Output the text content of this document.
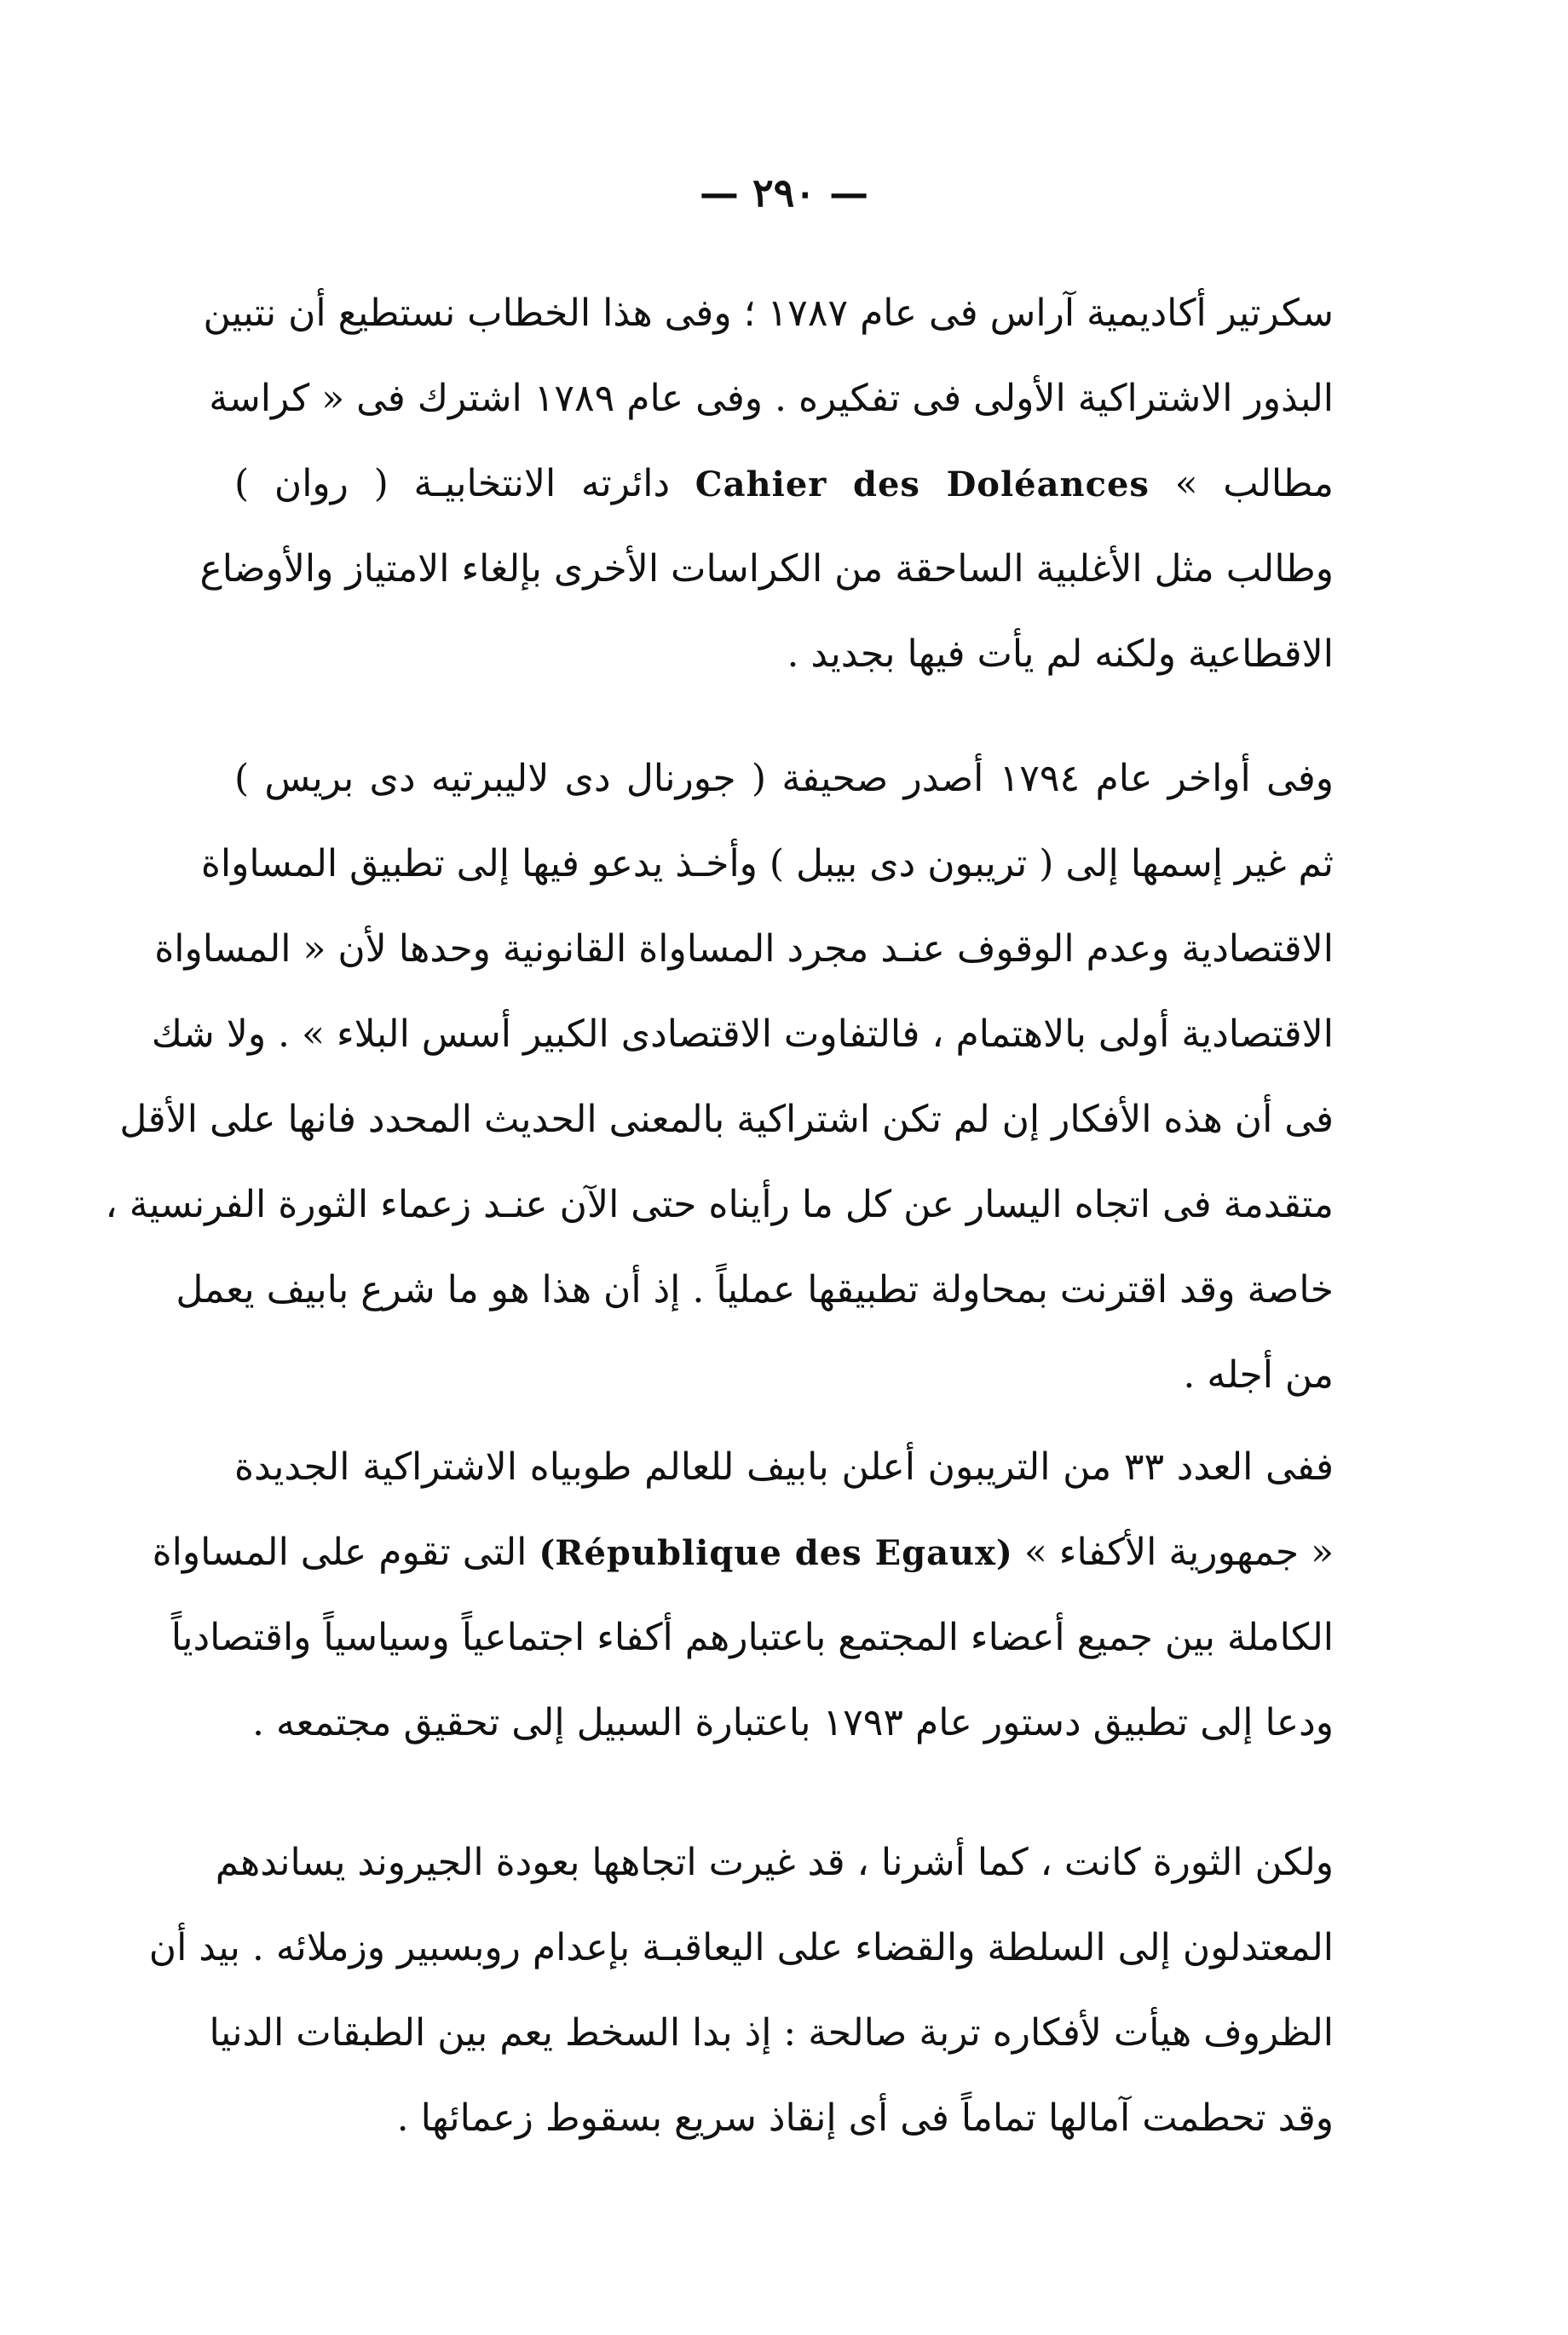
— ٢٩٠ —
سكرتير أكاديمية آراس فى عام ١٧٨٧ ؛ وفى هذا الخطاب نستطيع أن نتبين
البذور الاشتراكية الأولى فى تفكيره . وفى عام ١٧٨٩ اشترك فى « كراسة
مطالب » Cahier des Doléances دائرته الانتخابيـة ( روان )
وطالب مثل الأغلبية الساحقة من الكراسات الأخرى بإلغاء الامتياز والأوضاع
الاقطاعية ولكنه لم يأت فيها بجديد .
وفى أواخر عام ١٧٩٤ أصدر صحيفة ( جورنال دى لاليبرتيه دى بريس )
ثم غير إسمها إلى ( تريبون دى بيبل ) وأخـذ يدعو فيها إلى تطبيق المساواة
الاقتصادية وعدم الوقوف عنـد مجرد المساواة القانونية وحدها لأن « المساواة
الاقتصادية أولى بالاهتمام ، فالتفاوت الاقتصادى الكبير أسس البلاء » . ولا شك
فى أن هذه الأفكار إن لم تكن اشتراكية بالمعنى الحديث المحدد فانها على الأقل
متقدمة فى اتجاه اليسار عن كل ما رأيناه حتى الآن عنـد زعماء الثورة الفرنسية ،
خاصة وقد اقترنت بمحاولة تطبيقها عملياً . إذ أن هذا هو ما شرع بابيف يعمل
من أجله .
ففى العدد ٣٣ من التريبون أعلن بابيف للعالم طوبياه الاشتراكية الجديدة
« جمهورية الأكفاء » (République des Egaux) التى تقوم على المساواة
الكاملة بين جميع أعضاء المجتمع باعتبارهم أكفاء اجتماعياً وسياسياً واقتصادياً
ودعا إلى تطبيق دستور عام ١٧٩٣ باعتبارة السبيل إلى تحقيق مجتمعه .
ولكن الثورة كانت ، كما أشرنا ، قد غيرت اتجاهها بعودة الجيروند يساندهم
المعتدلون إلى السلطة والقضاء على اليعاقبـة بإعدام روبسبير وزملائه . بيد أن
الظروف هيأت لأفكاره تربة صالحة : إذ بدا السخط يعم بين الطبقات الدنيا
وقد تحطمت آمالها تماماً فى أى إنقاذ سريع بسقوط زعمائها .
